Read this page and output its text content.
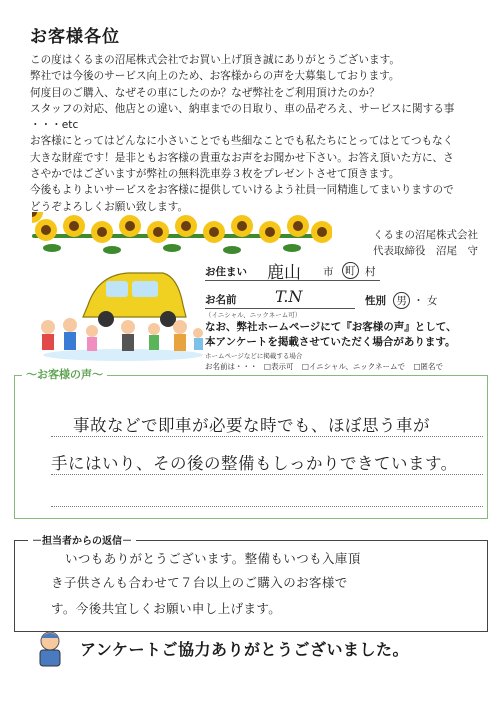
お客様各位

この度はくるまの沼尾株式会社でお買い上げ頂き誠にありがとうございます。

弊社では今後のサービス向上のため、お客様からの声を大募集しております。

何度目のご購入、なぜその車にしたのか？なぜ弊社をご利用頂けたのか？

スタッフの対応、他店との違い、納車までの日取り、車の品ぞろえ、サービスに関する事

・・・etc

お客様にとってはどんなに小さいことでも些細なことでも私たちにとってはとてつもなく

大きな財産です！是非ともお客様の貴重なお声をお聞かせ下さい。お答え頂いた方に、さ

さやかではございますが弊社の無料洗車券３枚をプレゼントさせて頂きます。

今後もよりよいサービスをお客様に提供していけるよう社員一同精進してまいりますので

どうぞよろしくお願い致します。

くるまの沼尾株式会社
代表取締役　沼尾　守
お住まい 鹿山 市 町 村
お名前 T.N
（イニシャル、ニックネーム可）
性別 男 ・ 女
なお、弊社ホームページにて『お客様の声』として、
本アンケートを掲載させていただく場合があります。
ホームページなどに掲載する場合
お名前は・・・ □表示可 □イニシャル、ニックネームで □匿名で
事故などで即車が必要な時でも、ほぼ思う車が
手にはいり、その後の整備もしっかりできています。
～お客様の声～
いつもありがとうございます。整備もいつも入庫頂
き子供さんも合わせて７台以上のご購入のお客様で
す。今後共宜しくお願い申し上げます。
－担当者からの返信－
アンケートご協力ありがとうございました。
